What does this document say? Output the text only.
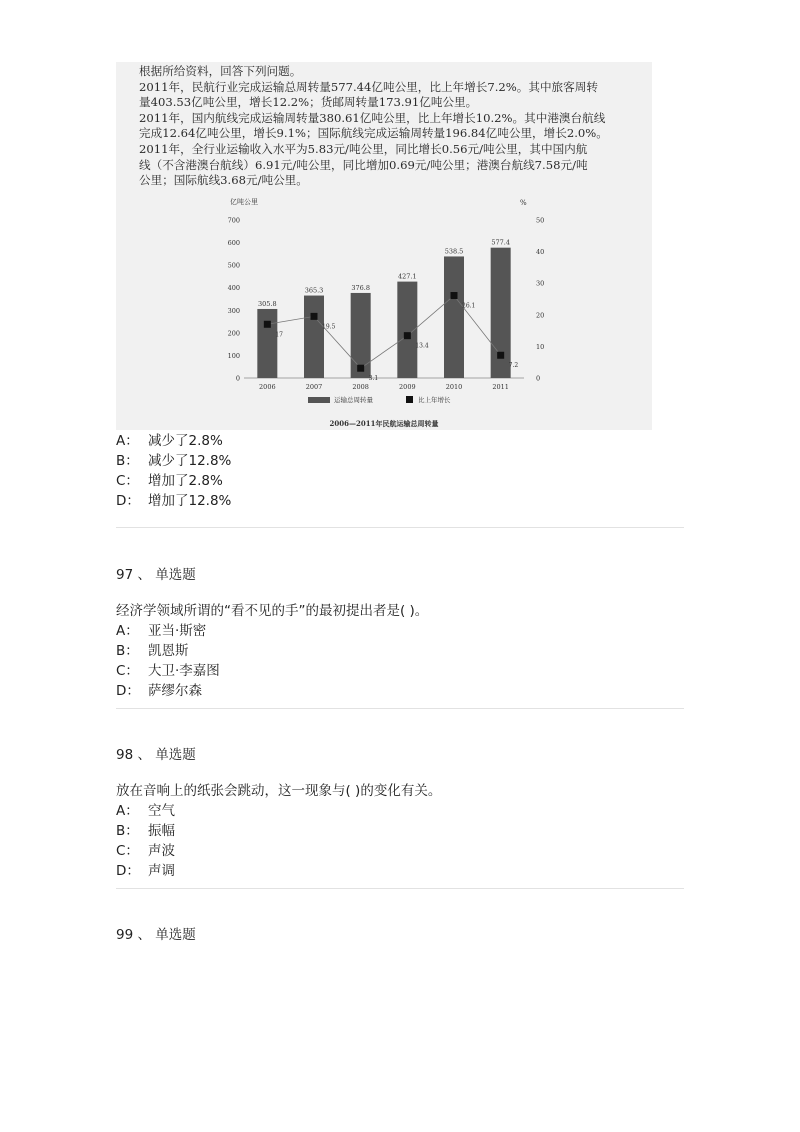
根据所给资料，回答下列问题。

2011年，民航行业完成运输总周转量577.44亿吨公里，比上年增长7.2%。其中旅客周转

量403.53亿吨公里，增长12.2%；货邮周转量173.91亿吨公里。

2011年，国内航线完成运输周转量380.61亿吨公里，比上年增长10.2%。其中港澳台航线

完成12.64亿吨公里，增长9.1%；国际航线完成运输周转量196.84亿吨公里，增长2.0%。

2011年，全行业运输收入水平为5.83元/吨公里，同比增长0.56元/吨公里，其中国内航

线（不含港澳台航线）6.91元/吨公里，同比增加0.69元/吨公里；港澳台航线7.58元/吨

公里；国际航线3.68元/吨公里。

亿吨公里	%
0
100
200
300
400
500
600
700
0
10
20
30
40
50
2006	2007	2008	2009	2010	2011
305.8
365.3	376.8
427.1
538.5
577.4
17
19.5
3.1
13.4
26.1
7.2
运输总周转量	比上年增长
2006—2011年民航运输总周转量
A： 减少了2.8%
B： 减少了12.8%
C： 增加了2.8%
D： 增加了12.8%
97 、 单选题
经济学领域所谓的“看不见的手”的最初提出者是( )。
A： 亚当·斯密
B： 凯恩斯
C： 大卫·李嘉图
D： 萨缪尔森
98 、 单选题
放在音响上的纸张会跳动，这一现象与( )的变化有关。
A： 空气
B： 振幅
C： 声波
D： 声调
99 、 单选题
